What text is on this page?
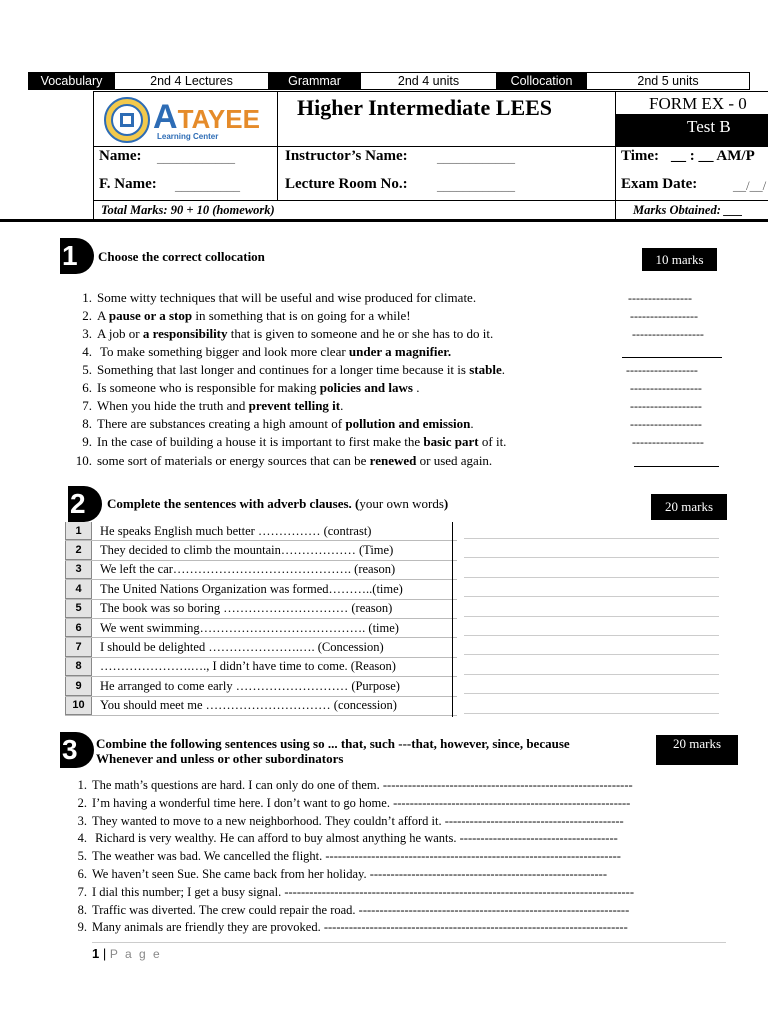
Vocabulary	2nd 4 Lectures	Grammar	2nd 4 units	Collocation	2nd 5 units
ATAYEE
Learning Center
Higher Intermediate LEES	FORM EX - 0
Test B
Name: ____________
F. Name: __________
Instructor’s Name: ____________
Lecture Room No.: ____________
Time: __ : __ AM/P
Exam Date:	__/__/
Total Marks: 90 + 10 (homework)	Marks Obtained: ___
1 Choose the correct collocation	10 marks
1. Some witty techniques that will be useful and wise produced for climate.	----------------
2. A pause or a stop in something that is on going for a while!	-----------------
3. A job or a responsibility that is given to someone and he or she has to do it.	------------------
4. To make something bigger and look more clear under a magnifier.
5. Something that last longer and continues for a longer time because it is stable.	------------------
6. Is someone who is responsible for making policies and laws .	------------------
7. When you hide the truth and prevent telling it.	------------------
8. There are substances creating a high amount of pollution and emission.	------------------
9. In the case of building a house it is important to first make the basic part of it.	------------------
10. some sort of materials or energy sources that can be renewed or used again.
2 Complete the sentences with adverb clauses. (your own words)	20 marks
1	He speaks English much better …………… (contrast)
2	They decided to climb the mountain……………… (Time)
3	We left the car……………………………………. (reason)
4	The United Nations Organization was formed………..(time)
5	The book was so boring ………………………… (reason)
6	We went swimming…………………………………. (time)
7	I should be delighted ………………….…. (Concession)
8	………………….…., I didn’t have time to come. (Reason)
9	He arranged to come early ……………………… (Purpose)
10	You should meet me ………………………… (concession)
3 Combine the following sentences using so ... that, such ---that, however, since, because
Whenever and unless or other subordinators
20 marks
1. The math’s questions are hard. I can only do one of them. ------------------------------------------------------------
2. I’m having a wonderful time here. I don’t want to go home. ---------------------------------------------------------
3. They wanted to move to a new neighborhood. They couldn’t afford it. -------------------------------------------
4. Richard is very wealthy. He can afford to buy almost anything he wants. --------------------------------------
5. The weather was bad. We cancelled the flight. -----------------------------------------------------------------------
6. We haven’t seen Sue. She came back from her holiday. ---------------------------------------------------------
7. I dial this number; I get a busy signal. ------------------------------------------------------------------------------------
8. Traffic was diverted. The crew could repair the road. -----------------------------------------------------------------
9. Many animals are friendly they are provoked. -------------------------------------------------------------------------
1 | P a g e
